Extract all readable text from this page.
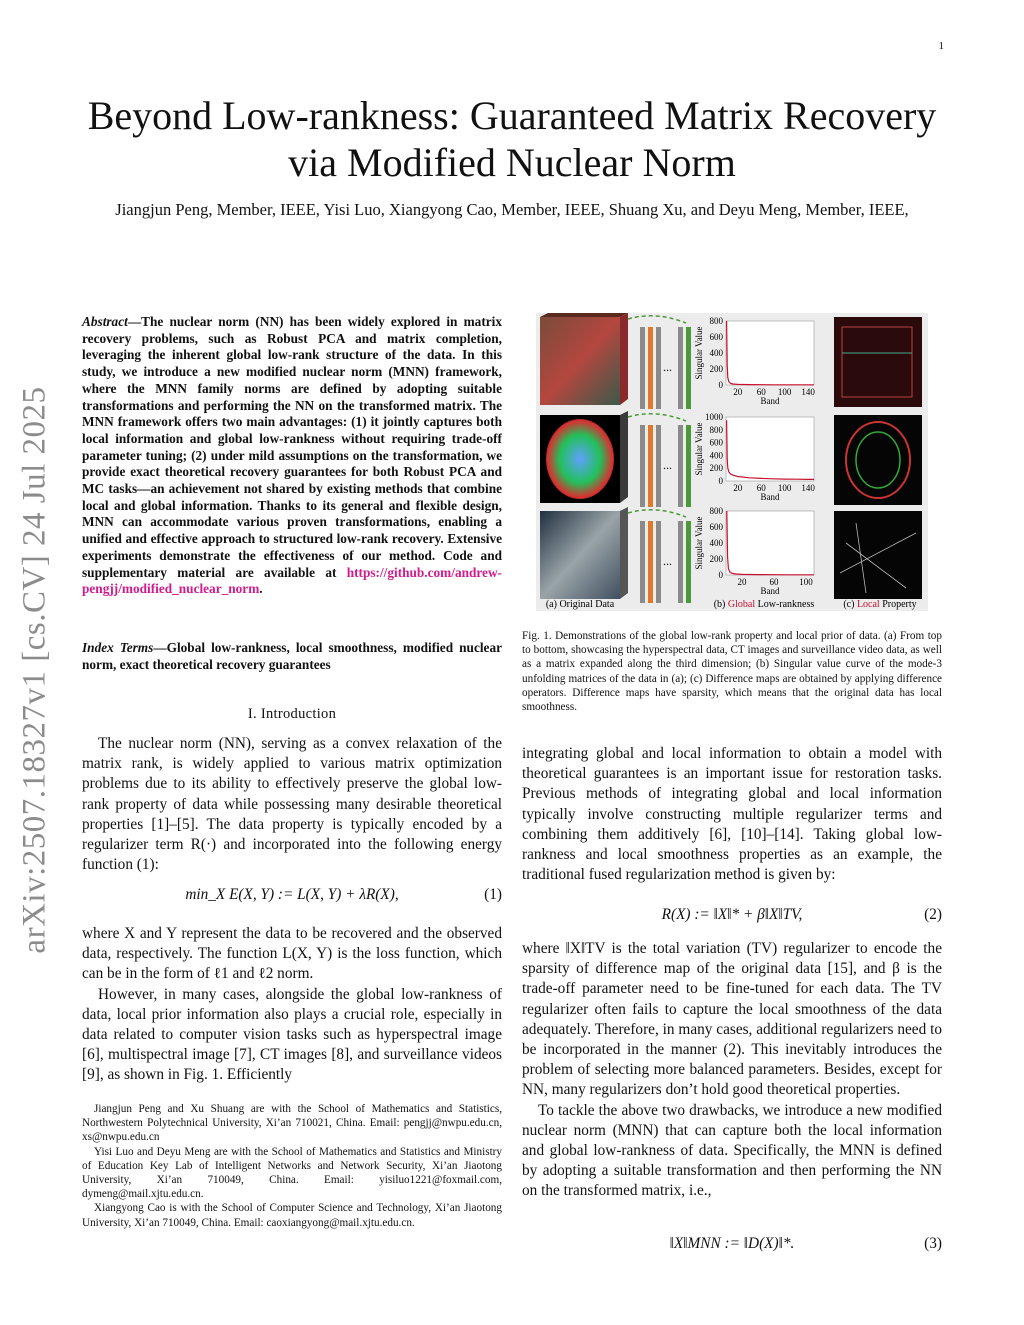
1
arXiv:2507.18327v1 [cs.CV] 24 Jul 2025
Beyond Low-rankness: Guaranteed Matrix Recovery via Modified Nuclear Norm
Jiangjun Peng, Member, IEEE, Yisi Luo, Xiangyong Cao, Member, IEEE, Shuang Xu, and Deyu Meng, Member, IEEE,
Abstract—The nuclear norm (NN) has been widely explored in matrix recovery problems, such as Robust PCA and matrix completion, leveraging the inherent global low-rank structure of the data. In this study, we introduce a new modified nuclear norm (MNN) framework, where the MNN family norms are defined by adopting suitable transformations and performing the NN on the transformed matrix. The MNN framework offers two main advantages: (1) it jointly captures both local information and global low-rankness without requiring trade-off parameter tuning; (2) under mild assumptions on the transformation, we provide exact theoretical recovery guarantees for both Robust PCA and MC tasks—an achievement not shared by existing methods that combine local and global information. Thanks to its general and flexible design, MNN can accommodate various proven transformations, enabling a unified and effective approach to structured low-rank recovery. Extensive experiments demonstrate the effectiveness of our method. Code and supplementary material are available at https://github.com/andrew-pengjj/modified_nuclear_norm.
Index Terms—Global low-rankness, local smoothness, modified nuclear norm, exact theoretical recovery guarantees
I. Introduction

The nuclear norm (NN), serving as a convex relaxation of the matrix rank, is widely applied to various matrix optimization problems due to its ability to effectively preserve the global low-rank property of data while possessing many desirable theoretical properties [1]–[5]. The data property is typically encoded by a regularizer term R(·) and incorporated into the following energy function (1):

min_X E(X, Y) := L(X, Y) + λR(X),	(1)

where X and Y represent the data to be recovered and the observed data, respectively. The function L(X, Y) is the loss function, which can be in the form of ℓ1 and ℓ2 norm.

However, in many cases, alongside the global low-rankness of data, local prior information also plays a crucial role, especially in data related to computer vision tasks such as hyperspectral image [6], multispectral image [7], CT images [8], and surveillance videos [9], as shown in Fig. 1. Efficiently

Jiangjun Peng and Xu Shuang are with the School of Mathematics and Statistics, Northwestern Polytechnical University, Xi’an 710021, China. Email: pengjj@nwpu.edu.cn, xs@nwpu.edu.cn

Yisi Luo and Deyu Meng are with the School of Mathematics and Statistics and Ministry of Education Key Lab of Intelligent Networks and Network Security, Xi’an Jiaotong University, Xi’an 710049, China. Email: yisiluo1221@foxmail.com, dymeng@mail.xjtu.edu.cn.

Xiangyong Cao is with the School of Computer Science and Technology, Xi’an Jiaotong University, Xi’an 710049, China. Email: caoxiangyong@mail.xjtu.edu.cn.

...
...
...
800
600
400
200
0
20 60 100 140
Band
Singular Value
1000
800
600
400
200
0
20 60 100 140
Band
Singular Value
800
600
400
200
0
20	60 100
Band
Singular Value
(a) Original Data	(b) Global Low-rankness	(c) Local Property
Fig. 1. Demonstrations of the global low-rank property and local prior of data. (a) From top to bottom, showcasing the hyperspectral data, CT images and surveillance video data, as well as a matrix expanded along the third dimension; (b) Singular value curve of the mode-3 unfolding matrices of the data in (a); (c) Difference maps are obtained by applying difference operators. Difference maps have sparsity, which means that the original data has local smoothness.

integrating global and local information to obtain a model with theoretical guarantees is an important issue for restoration tasks. Previous methods of integrating global and local information typically involve constructing multiple regularizer terms and combining them additively [6], [10]–[14]. Taking global low-rankness and local smoothness properties as an example, the traditional fused regularization method is given by:

R(X) := ‖X‖* + β‖X‖TV,	(2)

where ‖X‖TV is the total variation (TV) regularizer to encode the sparsity of difference map of the original data [15], and β is the trade-off parameter need to be fine-tuned for each data. The TV regularizer often fails to capture the local smoothness of the data adequately. Therefore, in many cases, additional regularizers need to be incorporated in the manner (2). This inevitably introduces the problem of selecting more balanced parameters. Besides, except for NN, many regularizers don’t hold good theoretical properties.

To tackle the above two drawbacks, we introduce a new modified nuclear norm (MNN) that can capture both the local information and global low-rankness of data. Specifically, the MNN is defined by adopting a suitable transformation and then performing the NN on the transformed matrix, i.e.,

‖X‖MNN := ‖D(X)‖*.	(3)
